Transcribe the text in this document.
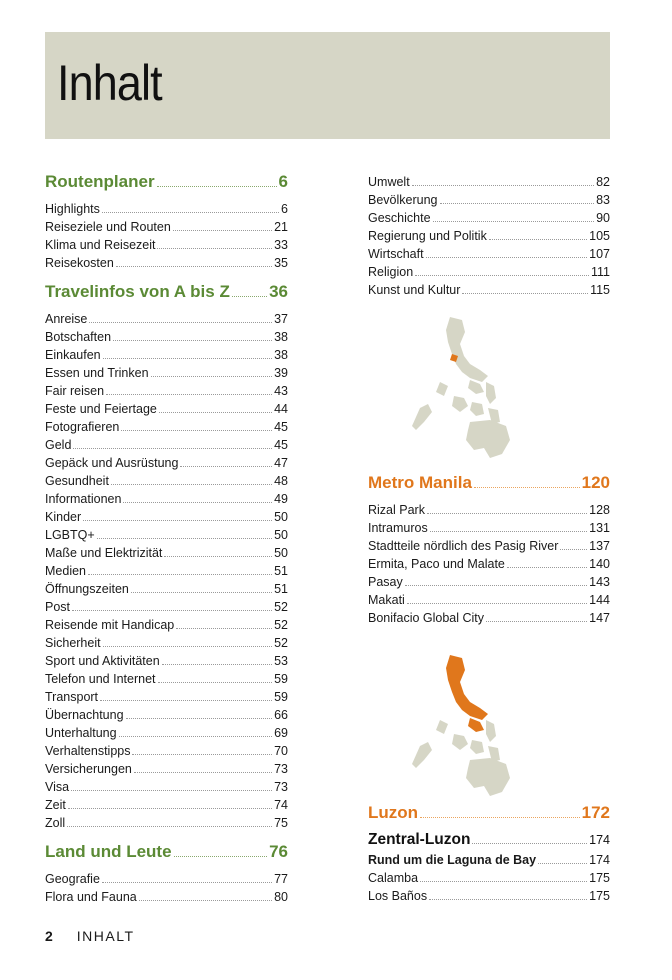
Inhalt
Routenplaner	6
Highlights	6
Reiseziele und Routen	21
Klima und Reisezeit	33
Reisekosten	35
Travelinfos von A bis Z 36
Anreise	37
Botschaften	38
Einkaufen	38
Essen und Trinken	39
Fair reisen	43
Feste und Feiertage	44
Fotografieren	45
Geld	45
Gepäck und Ausrüstung	47
Gesundheit	48
Informationen	49
Kinder	50
LGBTQ+	50
Maße und Elektrizität	50
Medien	51
Öffnungszeiten	51
Post	52
Reisende mit Handicap	52
Sicherheit	52
Sport und Aktivitäten	53
Telefon und Internet	59
Transport	59
Übernachtung	66
Unterhaltung	69
Verhaltenstipps	70
Versicherungen	73
Visa	73
Zeit	74
Zoll	75
Land und Leute	76
Geografie	77
Flora und Fauna	80
Umwelt	82
Bevölkerung	83
Geschichte	90
Regierung und Politik	105
Wirtschaft	107
Religion	111
Kunst und Kultur	115
Metro Manila	120
Rizal Park	128
Intramuros	131
Stadtteile nördlich des Pasig River 137
Ermita, Paco und Malate	140
Pasay	143
Makati	144
Bonifacio Global City	147
Luzon	172
Zentral-Luzon	174
Rund um die Laguna de Bay	174
Calamba	175
Los Baños	175
2 INHALT
